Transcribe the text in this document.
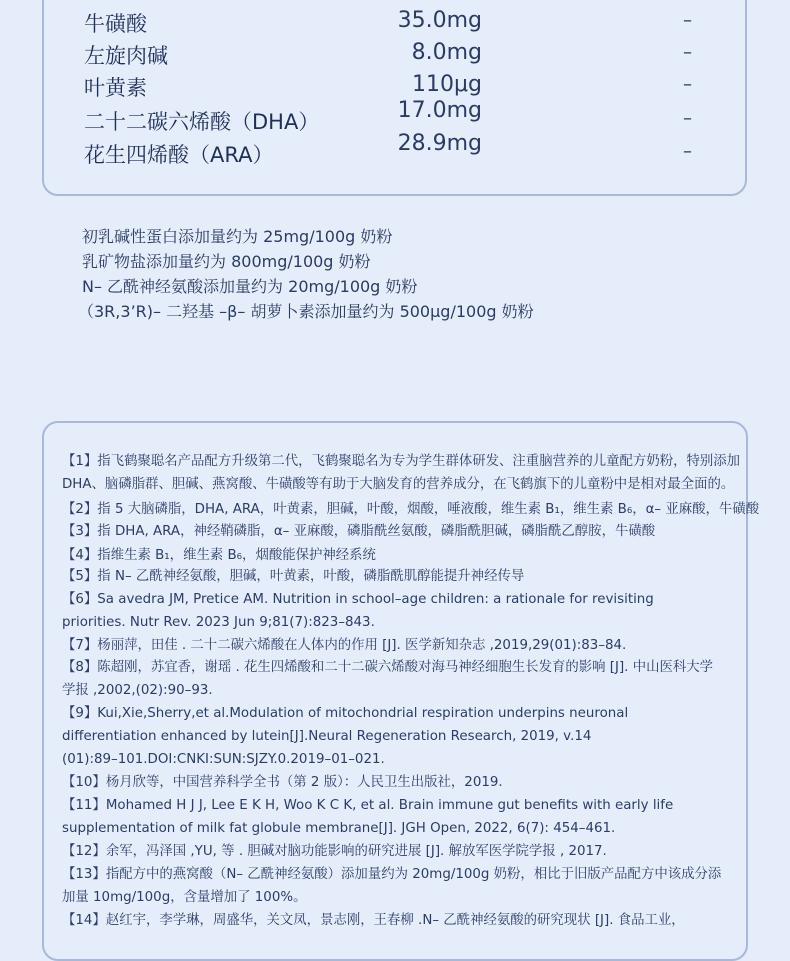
牛磺酸	35.0mg	–
左旋肉碱	8.0mg	–
叶黄素	110μg	–
二十二碳六烯酸（DHA）	17.0mg	–
花生四烯酸（ARA）	28.9mg	–
初乳碱性蛋白添加量约为 25mg/100g 奶粉
乳矿物盐添加量约为 800mg/100g 奶粉
N– 乙酰神经氨酸添加量约为 20mg/100g 奶粉
（3R,3’R)– 二羟基 –β– 胡萝卜素添加量约为 500μg/100g 奶粉
【1】指飞鹤聚聪名产品配方升级第二代，飞鹤聚聪名为专为学生群体研发、注重脑营养的儿童配方奶粉，特别添加
DHA、脑磷脂群、胆碱、燕窝酸、牛磺酸等有助于大脑发育的营养成分，在飞鹤旗下的儿童粉中是相对最全面的。
【2】指 5 大脑磷脂，DHA, ARA，叶黄素，胆碱，叶酸，烟酸，唾液酸，维生素 B₁，维生素 B₆，α– 亚麻酸，牛磺酸
【3】指 DHA, ARA，神经鞘磷脂，α– 亚麻酸，磷脂酰丝氨酸，磷脂酰胆碱，磷脂酰乙醇胺，牛磺酸
【4】指维生素 B₁，维生素 B₆，烟酸能保护神经系统
【5】指 N– 乙酰神经氨酸，胆碱，叶黄素，叶酸，磷脂酰肌醇能提升神经传导
【6】Sa avedra JM, Pretice AM. Nutrition in school–age children: a rationale for revisiting
priorities. Nutr Rev. 2023 Jun 9;81(7):823–843.
【7】杨丽萍，田佳 . 二十二碳六烯酸在人体内的作用 [J]. 医学新知杂志 ,2019,29(01):83–84.
【8】陈超刚，苏宜香，谢瑶 . 花生四烯酸和二十二碳六烯酸对海马神经细胞生长发育的影响 [J]. 中山医科大学
学报 ,2002,(02):90–93.
【9】Kui,Xie,Sherry,et al.Modulation of mitochondrial respiration underpins neuronal
differentiation enhanced by lutein[J].Neural Regeneration Research, 2019, v.14
(01):89–101.DOI:CNKI:SUN:SJZY.0.2019–01–021.
【10】杨月欣等，中国营养科学全书（第 2 版）：人民卫生出版社，2019.
【11】Mohamed H J J, Lee E K H, Woo K C K, et al. Brain immune gut benefits with early life
supplementation of milk fat globule membrane[J]. JGH Open, 2022, 6(7): 454–461.
【12】余军，冯泽国 ,YU, 等 . 胆碱对脑功能影响的研究进展 [J]. 解放军医学院学报 , 2017.
【13】指配方中的燕窝酸（N– 乙酰神经氨酸）添加量约为 20mg/100g 奶粉，相比于旧版产品配方中该成分添
加量 10mg/100g，含量增加了 100%。
【14】赵红宇，李学琳，周盛华，关文凤，景志刚，王春柳 .N– 乙酰神经氨酸的研究现状 [J]. 食品工业，
